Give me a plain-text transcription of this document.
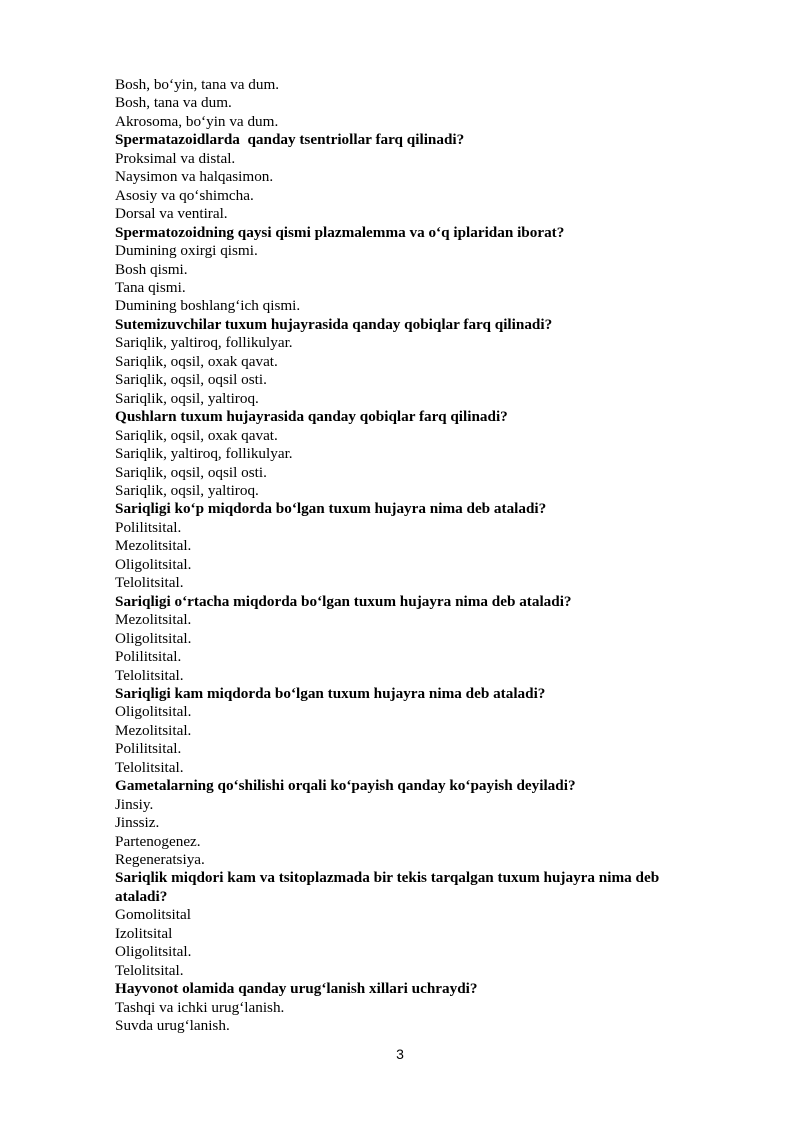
Bosh, bo‘yin, tana va dum.
Bosh, tana va dum.
Akrosoma, bo‘yin va dum.
Spermatazoidlarda  qanday tsentriollar farq qilinadi?
Proksimal va distal.
Naysimon va halqasimon.
Asosiy va qo‘shimcha.
Dorsal va ventiral.
Spermatozoidning qaysi qismi plazmalemma va o‘q iplaridan iborat?
Dumining oxirgi qismi.
Bosh qismi.
Tana qismi.
Dumining boshlang‘ich qismi.
Sutemizuvchilar tuxum hujayrasida qanday qobiqlar farq qilinadi?
Sariqlik, yaltiroq, follikulyar.
Sariqlik, oqsil, oxak qavat.
Sariqlik, oqsil, oqsil osti.
Sariqlik, oqsil, yaltiroq.
Qushlarn tuxum hujayrasida qanday qobiqlar farq qilinadi?
Sariqlik, oqsil, oxak qavat.
Sariqlik, yaltiroq, follikulyar.
Sariqlik, oqsil, oqsil osti.
Sariqlik, oqsil, yaltiroq.
Sariqligi ko‘p miqdorda bo‘lgan tuxum hujayra nima deb ataladi?
Polilitsital.
Mezolitsital.
Oligolitsital.
Telolitsital.
Sariqligi o‘rtacha miqdorda bo‘lgan tuxum hujayra nima deb ataladi?
Mezolitsital.
Oligolitsital.
Polilitsital.
Telolitsital.
Sariqligi kam miqdorda bo‘lgan tuxum hujayra nima deb ataladi?
Oligolitsital.
Mezolitsital.
Polilitsital.
Telolitsital.
Gametalarning qo‘shilishi orqali ko‘payish qanday ko‘payish deyiladi?
Jinsiy.
Jinssiz.
Partenogenez.
Regeneratsiya.
Sariqlik miqdori kam va tsitoplazmada bir tekis tarqalgan tuxum hujayra nima deb ataladi?
Gomolitsital
Izolitsital
Oligolitsital.
Telolitsital.
Hayvonot olamida qanday urug‘lanish xillari uchraydi?
Tashqi va ichki urug‘lanish.
Suvda urug‘lanish.
3
